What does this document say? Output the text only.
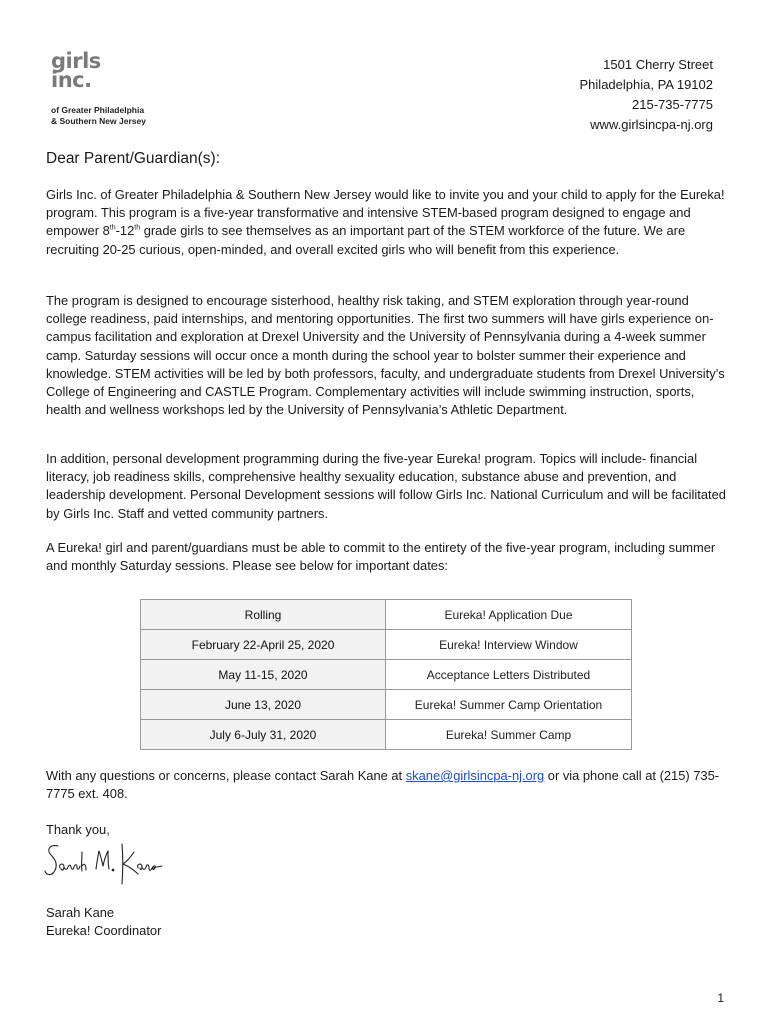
girls
inc.
of Greater Philadelphia
& Southern New Jersey
1501 Cherry Street
Philadelphia, PA 19102
215-735-7775
www.girlsincpa-nj.org
Dear Parent/Guardian(s):

Girls Inc. of Greater Philadelphia & Southern New Jersey would like to invite you and your child to apply for the Eureka! program. This program is a five-year transformative and intensive STEM-based program designed to engage and empower 8th-12th grade girls to see themselves as an important part of the STEM workforce of the future. We are recruiting 20-25 curious, open-minded, and overall excited girls who will benefit from this experience.

The program is designed to encourage sisterhood, healthy risk taking, and STEM exploration through year-round college readiness, paid internships, and mentoring opportunities. The first two summers will have girls experience on-campus facilitation and exploration at Drexel University and the University of Pennsylvania during a 4-week summer camp. Saturday sessions will occur once a month during the school year to bolster summer their experience and knowledge. STEM activities will be led by both professors, faculty, and undergraduate students from Drexel University’s College of Engineering and CASTLE Program. Complementary activities will include swimming instruction, sports, health and wellness workshops led by the University of Pennsylvania’s Athletic Department.

In addition, personal development programming during the five-year Eureka! program. Topics will include- financial literacy, job readiness skills, comprehensive healthy sexuality education, substance abuse and prevention, and leadership development. Personal Development sessions will follow Girls Inc. National Curriculum and will be facilitated by Girls Inc. Staff and vetted community partners.

A Eureka! girl and parent/guardians must be able to commit to the entirety of the five-year program, including summer and monthly Saturday sessions. Please see below for important dates:

Rolling	Eureka! Application Due
February 22-April 25, 2020	Eureka! Interview Window
May 11-15, 2020	Acceptance Letters Distributed
June 13, 2020	Eureka! Summer Camp Orientation
July 6-July 31, 2020	Eureka! Summer Camp

With any questions or concerns, please contact Sarah Kane at skane@girlsincpa-nj.org or via phone call at (215) 735-7775 ext. 408.

Thank you,

Sarah Kane
Eureka! Coordinator

1
